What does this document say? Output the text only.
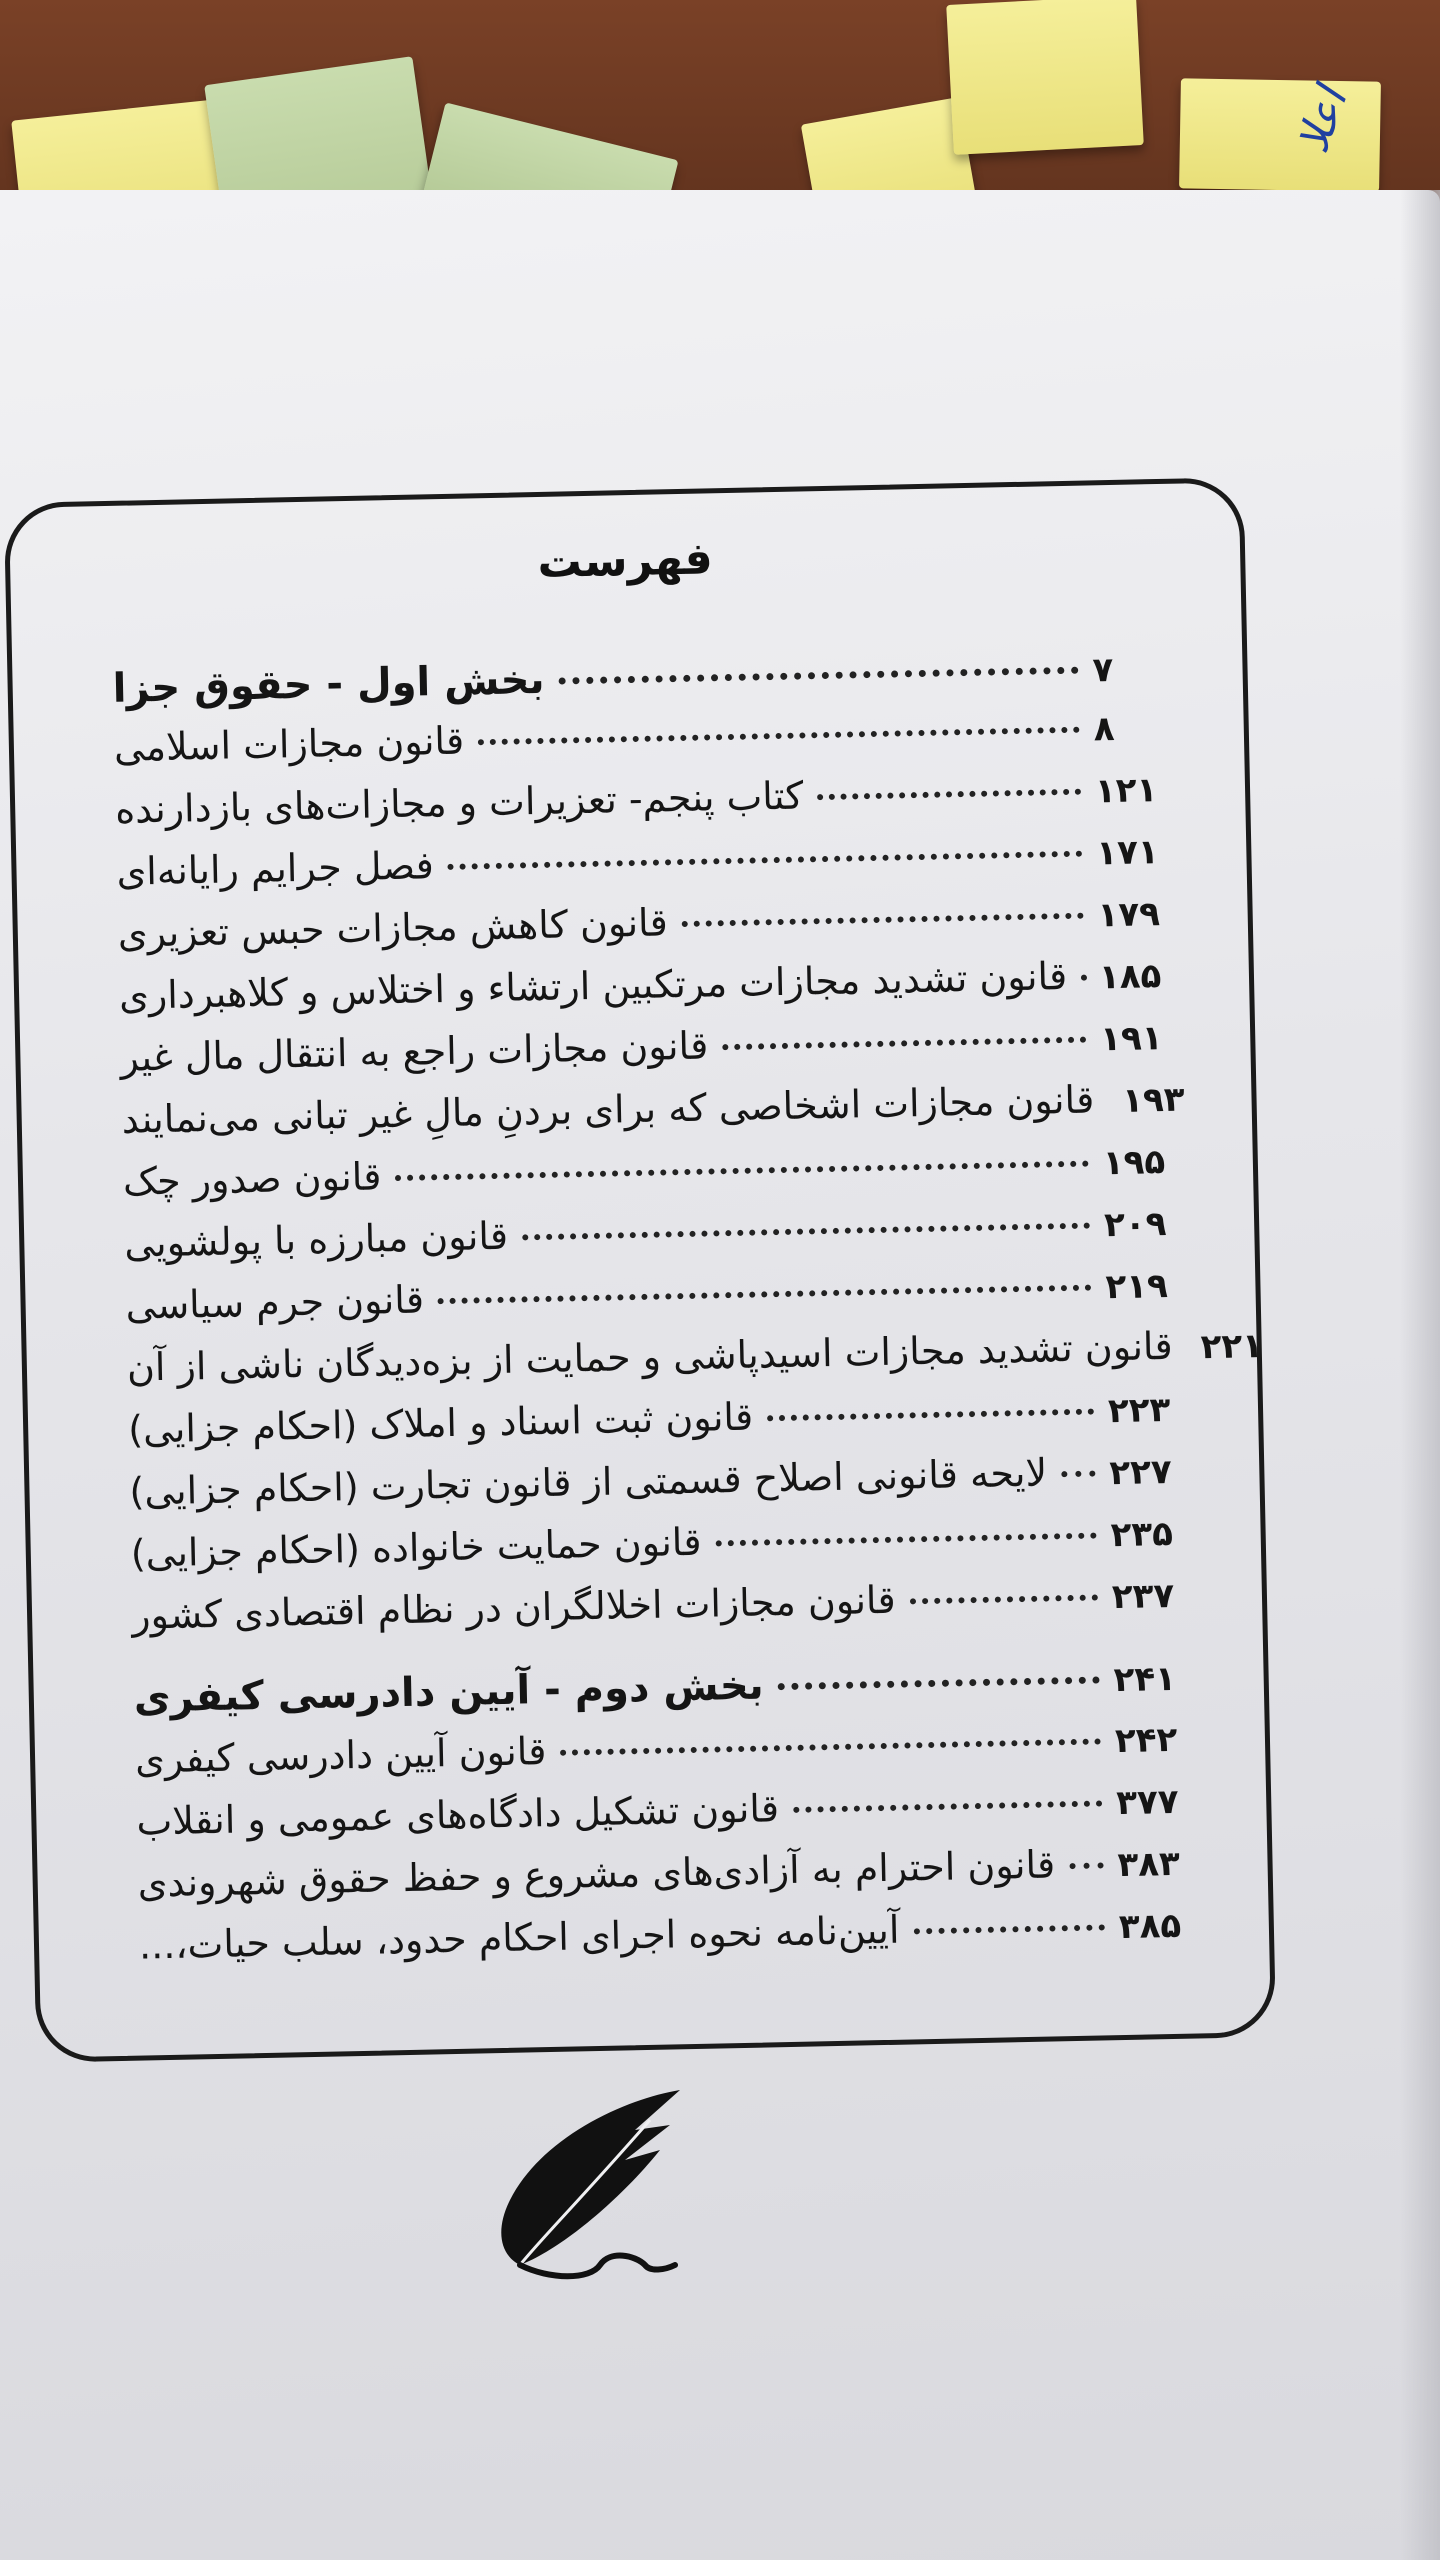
اعلا
فهرست
بخش اول - حقوق جزا	۷
قانون مجازات اسلامی	۸
کتاب پنجم- تعزیرات و مجازات‌های بازدارنده	۱۲۱
فصل جرایم رایانه‌ای	۱۷۱
قانون کاهش مجازات حبس تعزیری	۱۷۹
قانون تشدید مجازات مرتکبین ارتشاء و اختلاس و کلاهبرداری ۱۸۵
قانون مجازات راجع به انتقال مال غیر	۱۹۱
قانون مجازات اشخاصی که برای بردنِ مالِ غیر تبانی می‌نمایند ۱۹۳
قانون صدور چک	۱۹۵
قانون مبارزه با پولشویی	۲۰۹
قانون جرم سیاسی	۲۱۹
قانون تشدید مجازات اسیدپاشی و حمایت از بزه‌دیدگان ناشی از آن ۲۲۱
قانون ثبت اسناد و املاک (احکام جزایی)	۲۲۳
لایحه قانونی اصلاح قسمتی از قانون تجارت (احکام جزایی) ۲۲۷
قانون حمایت خانواده (احکام جزایی)	۲۳۵
قانون مجازات اخلالگران در نظام اقتصادی کشور	۲۳۷
بخش دوم - آیین دادرسی کیفری	۲۴۱
قانون آیین دادرسی کیفری	۲۴۲
قانون تشکیل دادگاه‌های عمومی و انقلاب	۳۷۷
قانون احترام به آزادی‌های مشروع و حفظ حقوق شهروندی ۳۸۳
آیین‌نامه نحوه اجرای احکام حدود، سلب حیات،...	۳۸۵
